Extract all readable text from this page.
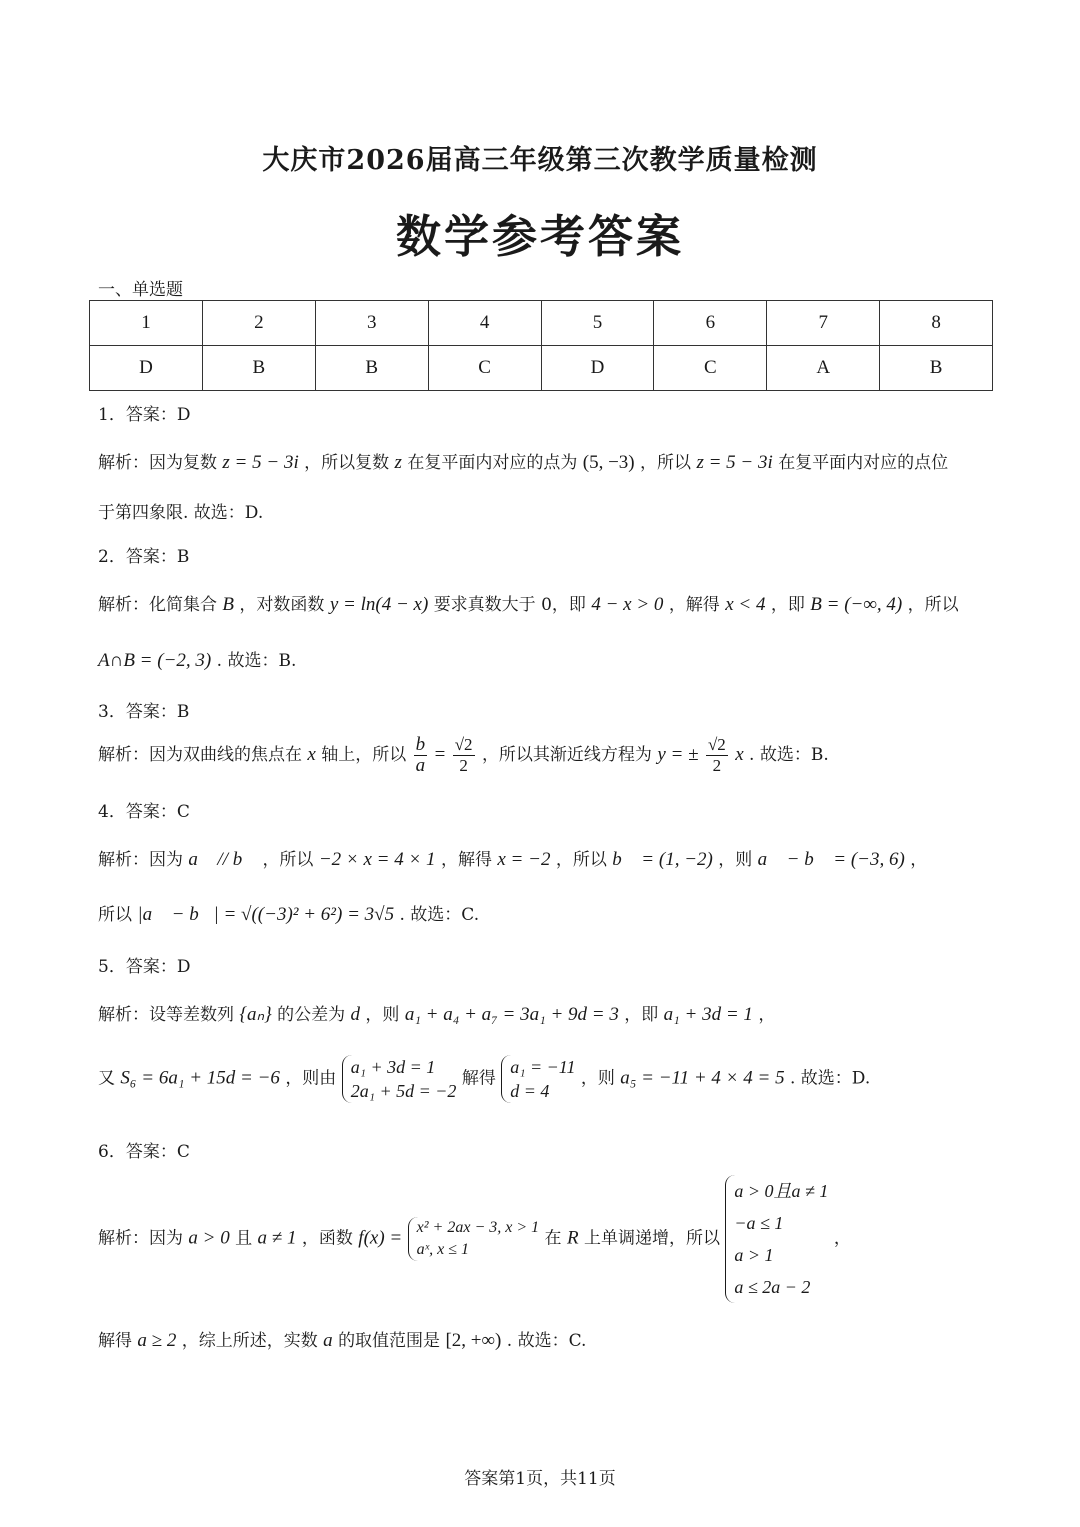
大庆市2026届高三年级第三次教学质量检测
数学参考答案
一、单选题
1	2	3	4	5	6	7	8
D	B	B	C	D	C	A	B
1．答案：D
解析：因为复数 z = 5 − 3i ，所以复数 z 在复平面内对应的点为 (5, −3) ，所以 z = 5 − 3i 在复平面内对应的点位
于第四象限. 故选：D.
2．答案：B
解析：化简集合 B ，对数函数 y = ln(4 − x) 要求真数大于 0，即 4 − x > 0 ，解得 x < 4 ，即 B = (−∞, 4) ，所以
A∩B = (−2, 3) . 故选：B.
3．答案：B
解析：因为双曲线的焦点在 x 轴上，所以 $\frac{b}{a} = \frac{√2}{2}$ ，所以其渐近线方程为 y = ± $\frac{√2}{2}$ x . 故选：B.
4．答案：C
解析：因为 a⃗ // b⃗ ，所以 −2 × x = 4 × 1 ，解得 x = −2 ，所以 b⃗ = (1, −2) ，则 a⃗ − b⃗ = (−3, 6) ，
所以 |a⃗ − b⃗| = √((−3)² + 6²) = 3√5 . 故选：C.
5．答案：D
解析：设等差数列 {aₙ} 的公差为 d ，则 a₁ + a₄ + a₇ = 3a₁ + 9d = 3 ，即 a₁ + 3d = 1 ，
又 S₆ = 6a₁ + 15d = −6 ，则由
a₁ + 3d = 1
2a₁ + 5d = −2
解得
a₁ = −11
d = 4
，则 a₅ = −11 + 4 × 4 = 5 . 故选：D.
6．答案：C
解析：因为 a > 0 且 a ≠ 1 ，函数 f(x) = x² + 2ax − 3, x > 1
aˣ, x ≤ 1
在 R 上单调递增，所以
a > 0且a ≠ 1
−a ≤ 1
a > 1
a ≤ 2a − 2
，
解得 a ≥ 2 ，综上所述，实数 a 的取值范围是 [2, +∞) . 故选：C.
答案第1页，共11页
